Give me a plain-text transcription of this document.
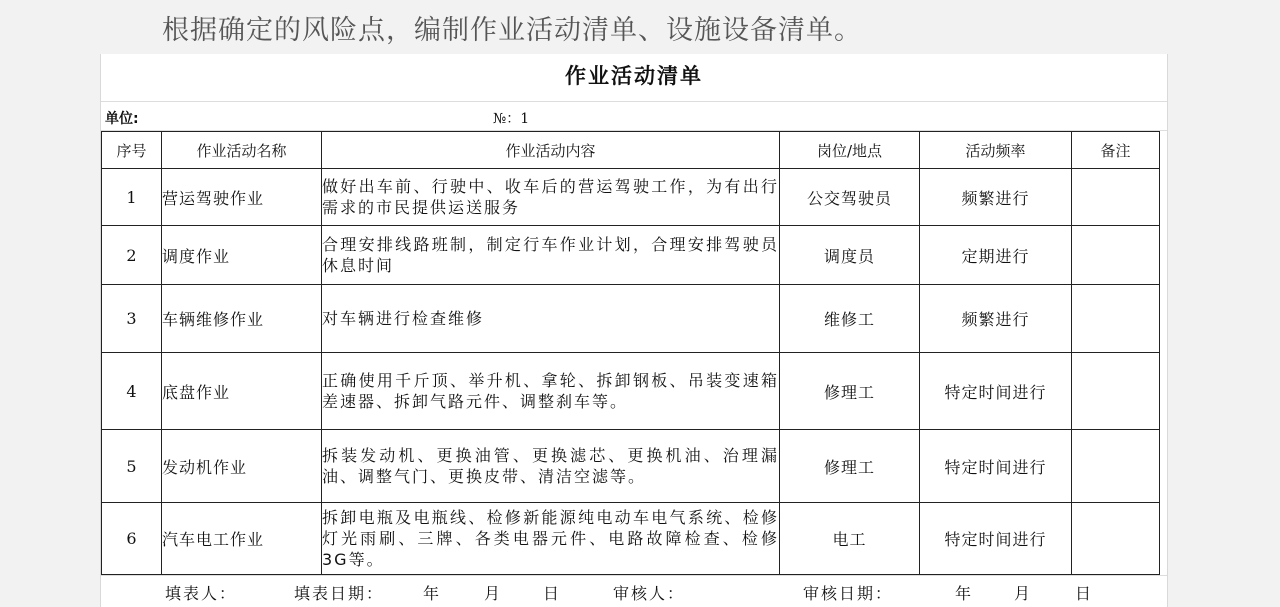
根据确定的风险点，编制作业活动清单、设施设备清单。
作业活动清单
单位:	№：1
序号	作业活动名称	作业活动内容	岗位/地点	活动频率	备注
1	营运驾驶作业	做好出车前、行驶中、收车后的营运驾驶工作，为有出行需求的市民提供运送服务	公交驾驶员	频繁进行	
2	调度作业	合理安排线路班制，制定行车作业计划，合理安排驾驶员休息时间	调度员	定期进行	
3	车辆维修作业	对车辆进行检查维修	维修工	频繁进行	
4	底盘作业	正确使用千斤顶、举升机、拿轮、拆卸钢板、吊装变速箱差速器、拆卸气路元件、调整刹车等。	修理工	特定时间进行	
5	发动机作业	拆装发动机、更换油管、更换滤芯、更换机油、治理漏油、调整气门、更换皮带、清洁空滤等。	修理工	特定时间进行	
6	汽车电工作业	拆卸电瓶及电瓶线、检修新能源纯电动车电气系统、检修灯光雨刷、三牌、各类电器元件、电路故障检查、检修3G等。	电工	特定时间进行	
填表人：	填表日期： 年	月	日	审核人：	审核日期：	年	月	日
